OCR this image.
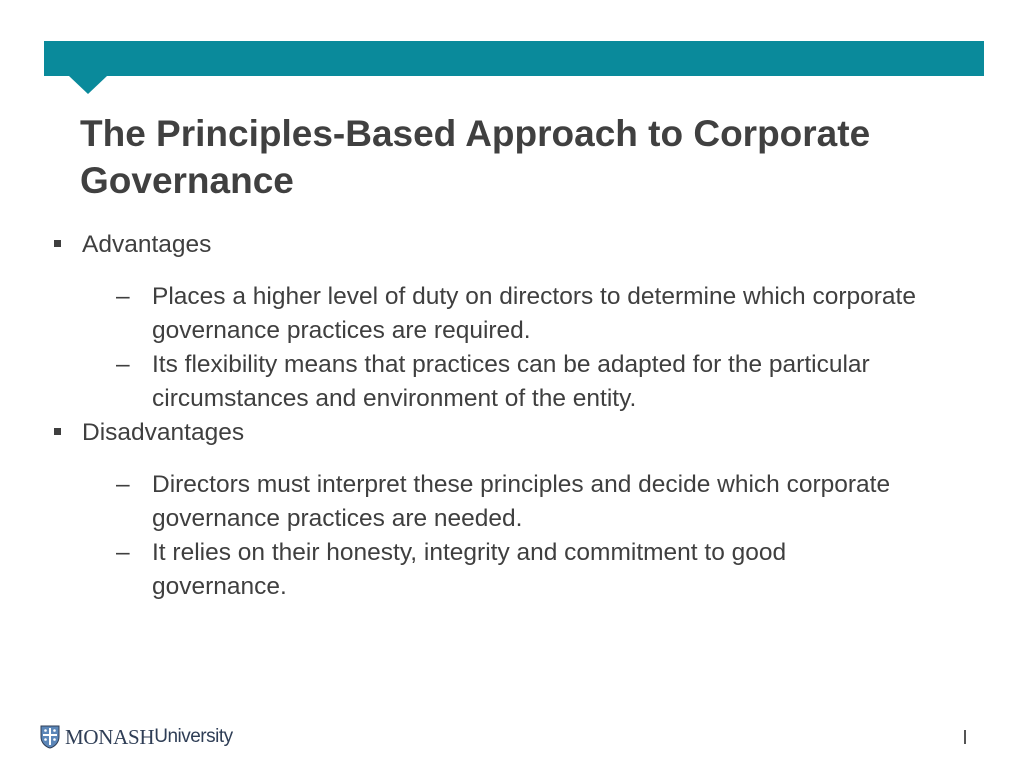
The Principles-Based Approach to Corporate Governance
Advantages
– Places a higher level of duty on directors to determine which corporate governance practices are required.
– Its flexibility means that practices can be adapted for the particular circumstances and environment of the entity.
Disadvantages
– Directors must interpret these principles and decide which corporate governance practices are needed.
– It relies on their honesty, integrity and commitment to good governance.
MONASH University
